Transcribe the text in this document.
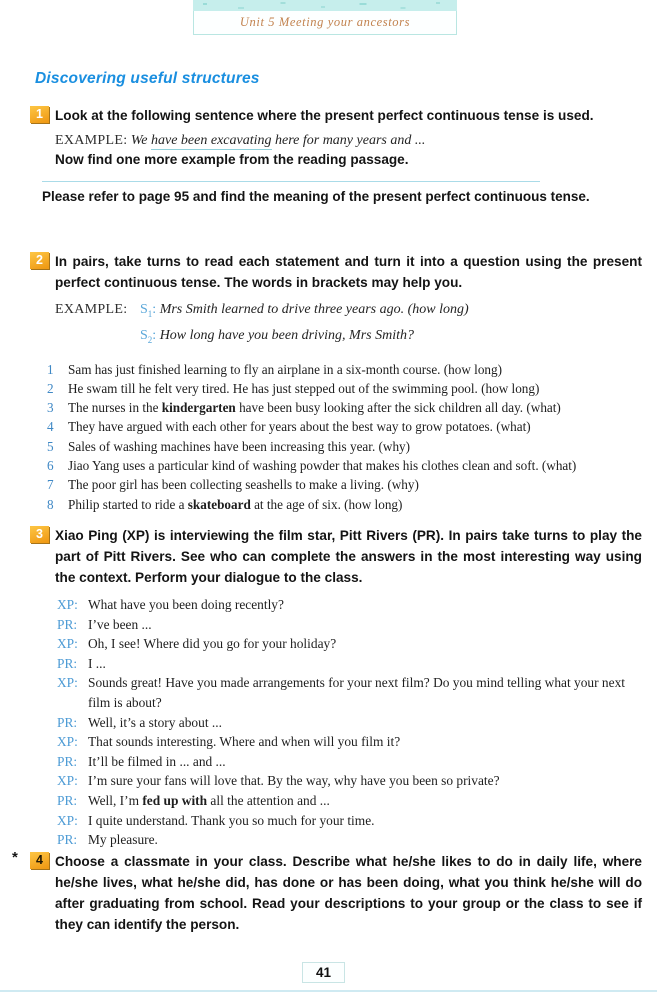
Unit 5 Meeting your ancestors
Discovering useful structures
1 Look at the following sentence where the present perfect continuous tense is used.
EXAMPLE: We have been excavating here for many years and ...
Now find one more example from the reading passage.
Please refer to page 95 and find the meaning of the present perfect continuous tense.
2 In pairs, take turns to read each statement and turn it into a question using the present perfect continuous tense. The words in brackets may help you.
EXAMPLE: $S_1$: Mrs Smith learned to drive three years ago. (how long)
$S_2$: How long have you been driving, Mrs Smith?
1	Sam has just finished learning to fly an airplane in a six-month course. (how long)
2	He swam till he felt very tired. He has just stepped out of the swimming pool. (how long)
3	The nurses in the kindergarten have been busy looking after the sick children all day. (what)
4	They have argued with each other for years about the best way to grow potatoes. (what)
5	Sales of washing machines have been increasing this year. (why)
6	Jiao Yang uses a particular kind of washing powder that makes his clothes clean and soft. (what)
7	The poor girl has been collecting seashells to make a living. (why)
8	Philip started to ride a skateboard at the age of six. (how long)
3 Xiao Ping (XP) is interviewing the film star, Pitt Rivers (PR). In pairs take turns to play the part of Pitt Rivers. See who can complete the answers in the most interesting way using the context. Perform your dialogue to the class.
XP: What have you been doing recently?
PR: I’ve been ...
XP: Oh, I see! Where did you go for your holiday?
PR: I ...
XP: Sounds great! Have you made arrangements for your next film? Do you mind telling what your next film is about?
PR: Well, it’s a story about ...
XP: That sounds interesting. Where and when will you film it?
PR: It’ll be filmed in ... and ...
XP: I’m sure your fans will love that. By the way, why have you been so private?
PR: Well, I’m fed up with all the attention and ...
XP: I quite understand. Thank you so much for your time.
PR: My pleasure.
*	4 Choose a classmate in your class. Describe what he/she likes to do in daily life, where he/she lives, what he/she did, has done or has been doing, what you think he/she will do after graduating from school. Read your descriptions to your group or the class to see if they can identify the person.
41
